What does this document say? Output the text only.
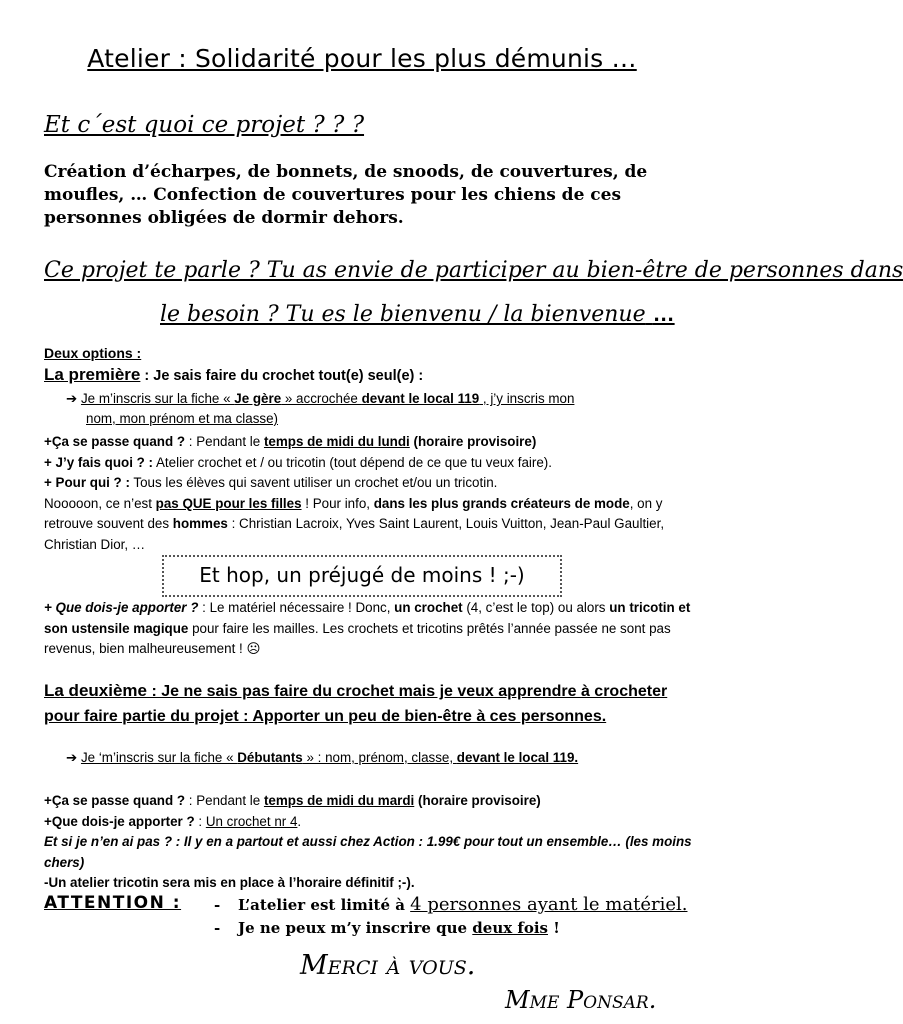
Atelier : Solidarité pour les plus démunis …
Et c´est quoi ce projet ? ? ?
Création d’écharpes, de bonnets, de snoods, de couvertures, de moufles, … Confection de couvertures pour les chiens de ces personnes obligées de dormir dehors.
Ce projet te parle ? Tu as envie de participer au bien-être de personnes dans
le besoin ? Tu es le bienvenu / la bienvenue …
Deux options :
La première : Je sais faire du crochet tout(e) seul(e) :
➔ Je m’inscris sur la fiche « Je gère » accrochée devant le local 119 , j’y inscris mon
nom, mon prénom et ma classe)
+Ça se passe quand ? : Pendant le temps de midi du lundi (horaire provisoire)
+ J’y fais quoi ? : Atelier crochet et / ou tricotin (tout dépend de ce que tu veux faire).
+ Pour qui ? : Tous les élèves qui savent utiliser un crochet et/ou un tricotin.
Nooooon, ce n’est pas QUE pour les filles ! Pour info, dans les plus grands créateurs de mode, on y retrouve souvent des hommes : Christian Lacroix, Yves Saint Laurent, Louis Vuitton, Jean-Paul Gaultier, Christian Dior, …
Et hop, un préjugé de moins ! ;-)
+ Que dois-je apporter ? : Le matériel nécessaire ! Donc, un crochet (4, c’est le top) ou alors un tricotin et son ustensile magique pour faire les mailles. Les crochets et tricotins prêtés l’année passée ne sont pas revenus, bien malheureusement ! ☹
La deuxième : Je ne sais pas faire du crochet mais je veux apprendre à crocheter pour faire partie du projet : Apporter un peu de bien-être à ces personnes.
➔ Je ‘m’inscris sur la fiche « Débutants » : nom, prénom, classe, devant le local 119.
+Ça se passe quand ? : Pendant le temps de midi du mardi (horaire provisoire)
+Que dois-je apporter ? : Un crochet nr 4.
Et si je n’en ai pas ? : Il y en a partout et aussi chez Action : 1.99€ pour tout un ensemble… (les moins chers)
-Un atelier tricotin sera mis en place à l’horaire définitif ;-).
ATTENTION : - L’atelier est limité à 4 personnes ayant le matériel.
- Je ne peux m’y inscrire que deux fois !
Merci à vous.
Mme Ponsar.
